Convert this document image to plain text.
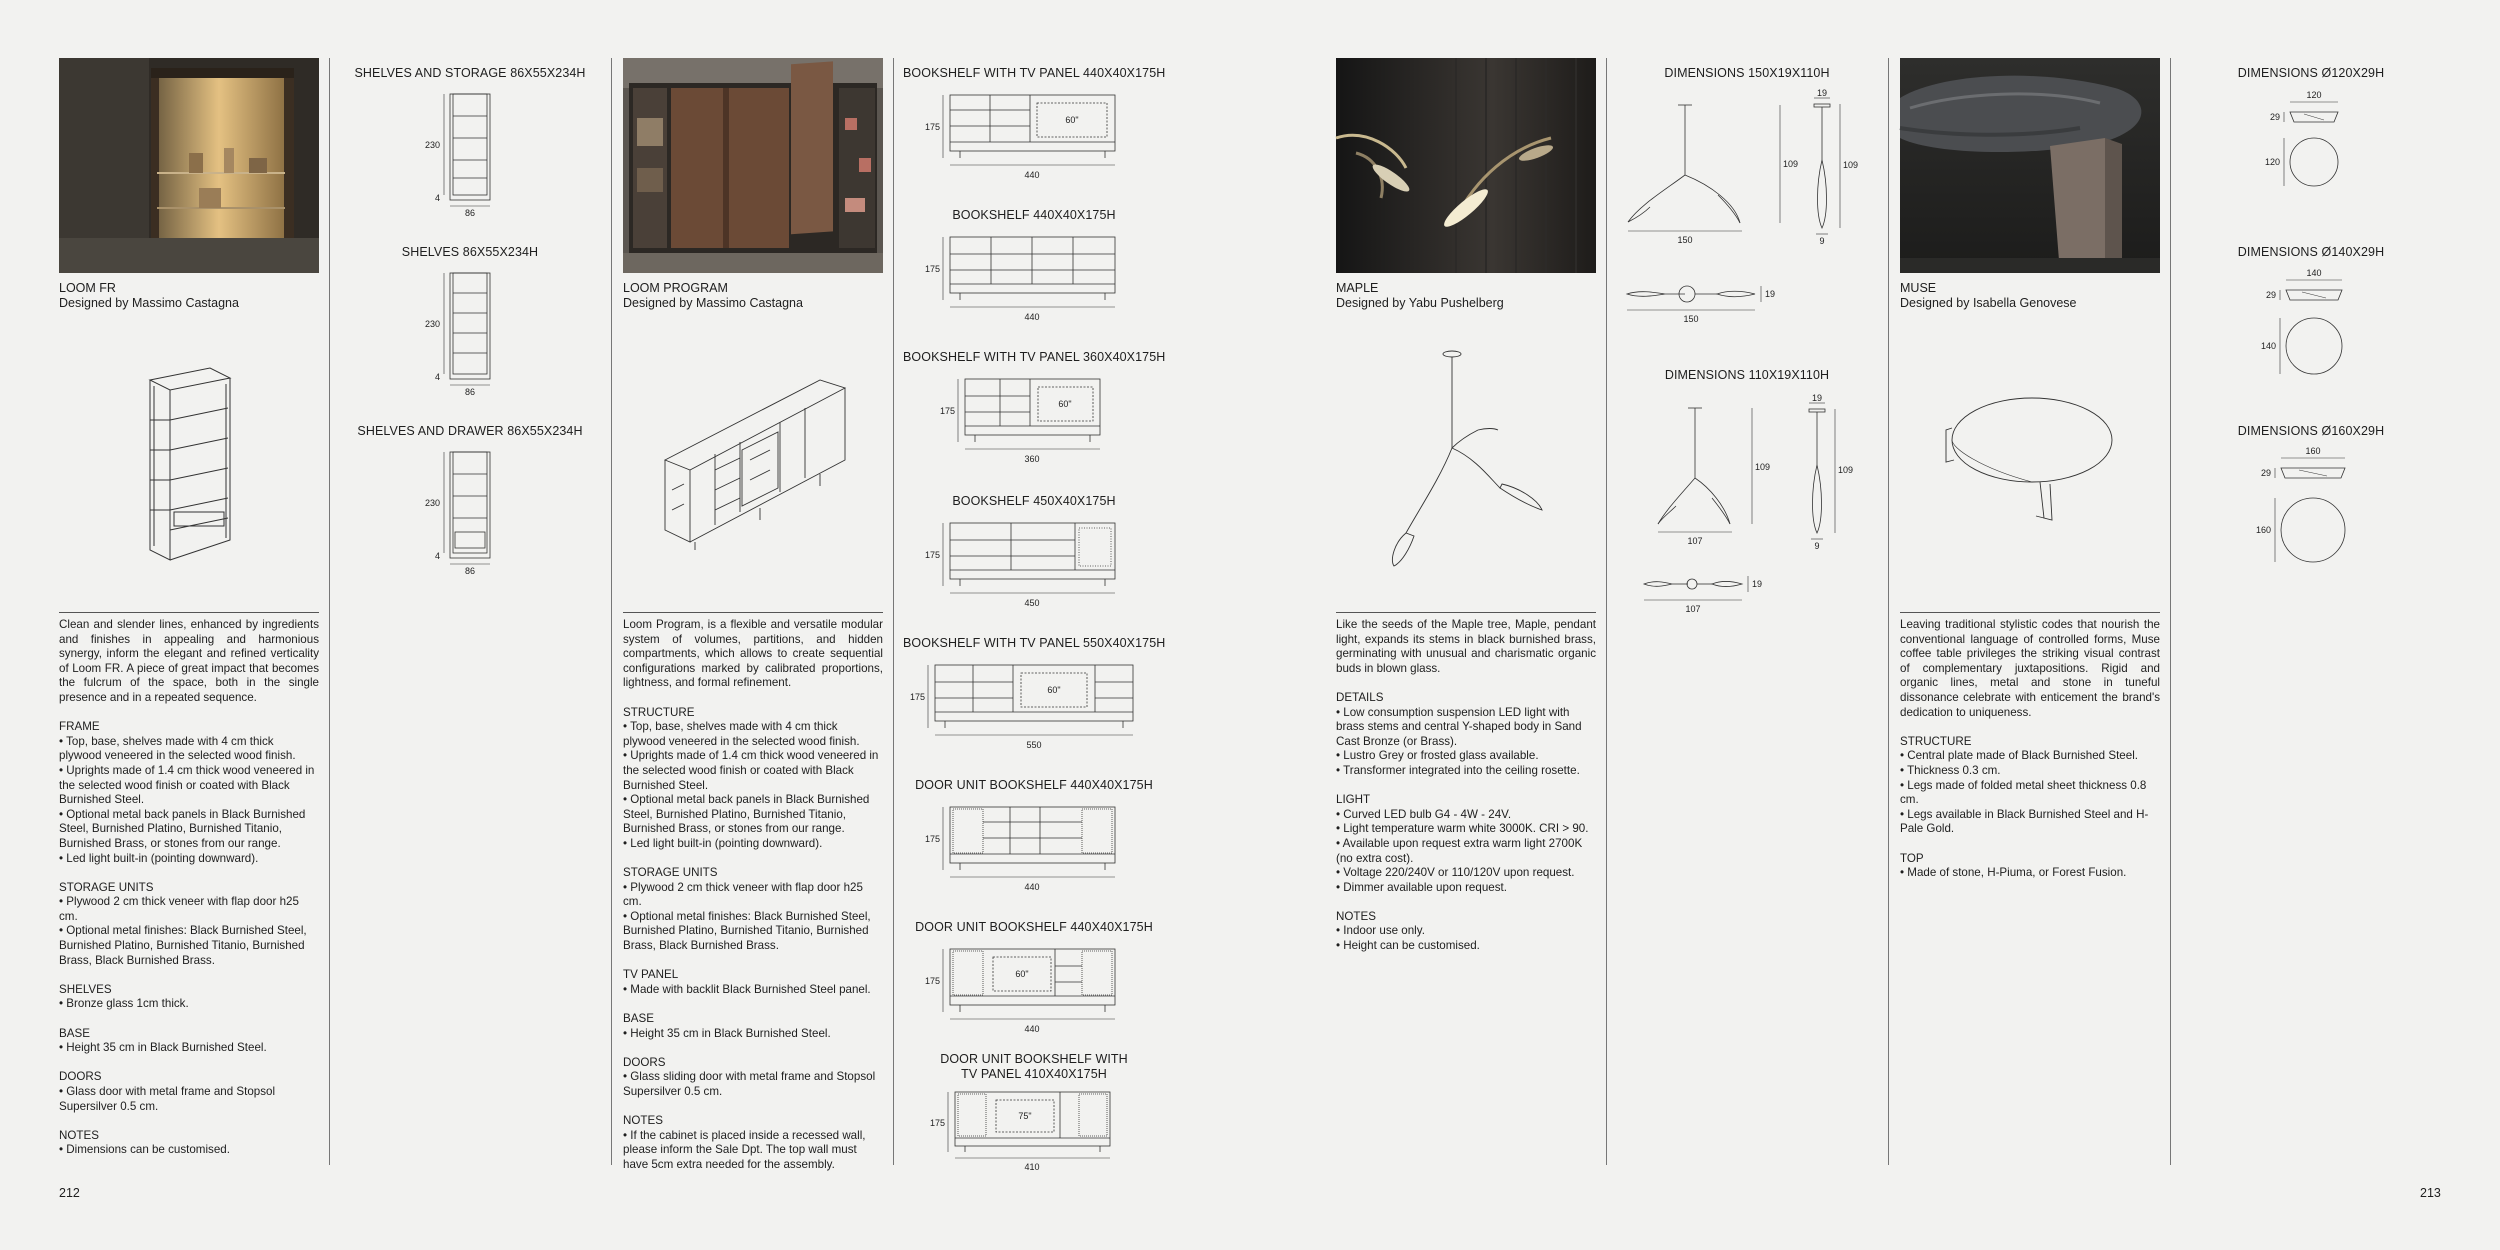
LOOM FR
Designed by Massimo Castagna

Clean and slender lines, enhanced by ingredients and finishes in appealing and harmonious synergy, inform the elegant and refined verticality of Loom FR. A piece of great impact that becomes the fulcrum of the space, both in the single presence and in a repeated sequence.

FRAME
• Top, base, shelves made with 4 cm thick plywood veneered in the selected wood finish.
• Uprights made of 1.4 cm thick wood veneered in the selected wood finish or coated with Black Burnished Steel.
• Optional metal back panels in Black Burnished Steel, Burnished Platino, Burnished Titanio, Burnished Brass, or stones from our range.
• Led light built-in (pointing downward).
STORAGE UNITS
• Plywood 2 cm thick veneer with flap door h25 cm.
• Optional metal finishes: Black Burnished Steel, Burnished Platino, Burnished Titanio, Burnished Brass, Black Burnished Brass.
SHELVES
• Bronze glass 1cm thick.
BASE
• Height 35 cm in Black Burnished Steel.
DOORS
• Glass door with metal frame and Stopsol Supersilver 0.5 cm.
NOTES
• Dimensions can be customised.
SHELVES AND STORAGE 86X55X234H
230
4
86
SHELVES 86X55X234H
230
4
86
SHELVES AND DRAWER 86X55X234H
230
4
86
LOOM PROGRAM
Designed by Massimo Castagna

Loom Program, is a flexible and versatile modular system of volumes, partitions, and hidden compartments, which allows to create sequential configurations marked by calibrated proportions, lightness, and formal refinement.

STRUCTURE
• Top, base, shelves made with 4 cm thick plywood veneered in the selected wood finish.
• Uprights made of 1.4 cm thick wood veneered in the selected wood finish or coated with Black Burnished Steel.
• Optional metal back panels in Black Burnished Steel, Burnished Platino, Burnished Titanio, Burnished Brass, or stones from our range.
• Led light built-in (pointing downward).
STORAGE UNITS
• Plywood 2 cm thick veneer with flap door h25 cm.
• Optional metal finishes: Black Burnished Steel, Burnished Platino, Burnished Titanio, Burnished Brass, Black Burnished Brass.
TV PANEL
• Made with backlit Black Burnished Steel panel.
BASE
• Height 35 cm in Black Burnished Steel.
DOORS
• Glass sliding door with metal frame and Stopsol Supersilver 0.5 cm.
NOTES
• If the cabinet is placed inside a recessed wall, please inform the Sale Dpt. The top wall must have 5cm extra needed for the assembly.
BOOKSHELF WITH TV PANEL 440X40X175H
60"
175
440
BOOKSHELF 440X40X175H
175
440
BOOKSHELF WITH TV PANEL 360X40X175H
60"
175
360
BOOKSHELF 450X40X175H
175
450
BOOKSHELF WITH TV PANEL 550X40X175H
60"
175
550
DOOR UNIT BOOKSHELF 440X40X175H
175
440
DOOR UNIT BOOKSHELF 440X40X175H
60"
175
440
DOOR UNIT BOOKSHELF WITH
TV PANEL 410X40X175H
75"
175
410
MAPLE
Designed by Yabu Pushelberg

Like the seeds of the Maple tree, Maple, pendant light, expands its stems in black burnished brass, germinating with unusual and charismatic organic buds in blown glass.

DETAILS
• Low consumption suspension LED light with brass stems and central Y-shaped body in Sand Cast Bronze (or Brass).
• Lustro Grey or frosted glass available.
• Transformer integrated into the ceiling rosette.
LIGHT
• Curved LED bulb G4 - 4W - 24V.
• Light temperature warm white 3000K. CRI > 90.
• Available upon request extra warm light 2700K (no extra cost).
• Voltage 220/240V or 110/120V upon request.
• Dimmer available upon request.
NOTES
• Indoor use only.
• Height can be customised.
DIMENSIONS 150X19X110H
109
150
19
109
9
19
150
DIMENSIONS 110X19X110H
109
107
19
109
9
19
107
MUSE
Designed by Isabella Genovese

Leaving traditional stylistic codes that nourish the conventional language of controlled forms, Muse coffee table privileges the striking visual contrast of complementary juxtapositions. Rigid and organic lines, metal and stone in tuneful dissonance celebrate with enticement the brand's dedication to uniqueness.

STRUCTURE
• Central plate made of Black Burnished Steel.
• Thickness 0.3 cm.
• Legs made of folded metal sheet thickness 0.8 cm.
• Legs available in Black Burnished Steel and H-Pale Gold.
TOP
• Made of stone, H-Piuma, or Forest Fusion.
DIMENSIONS Ø120X29H
120
29
120
DIMENSIONS Ø140X29H
140
29
140
DIMENSIONS Ø160X29H
160
29
160
212	213
